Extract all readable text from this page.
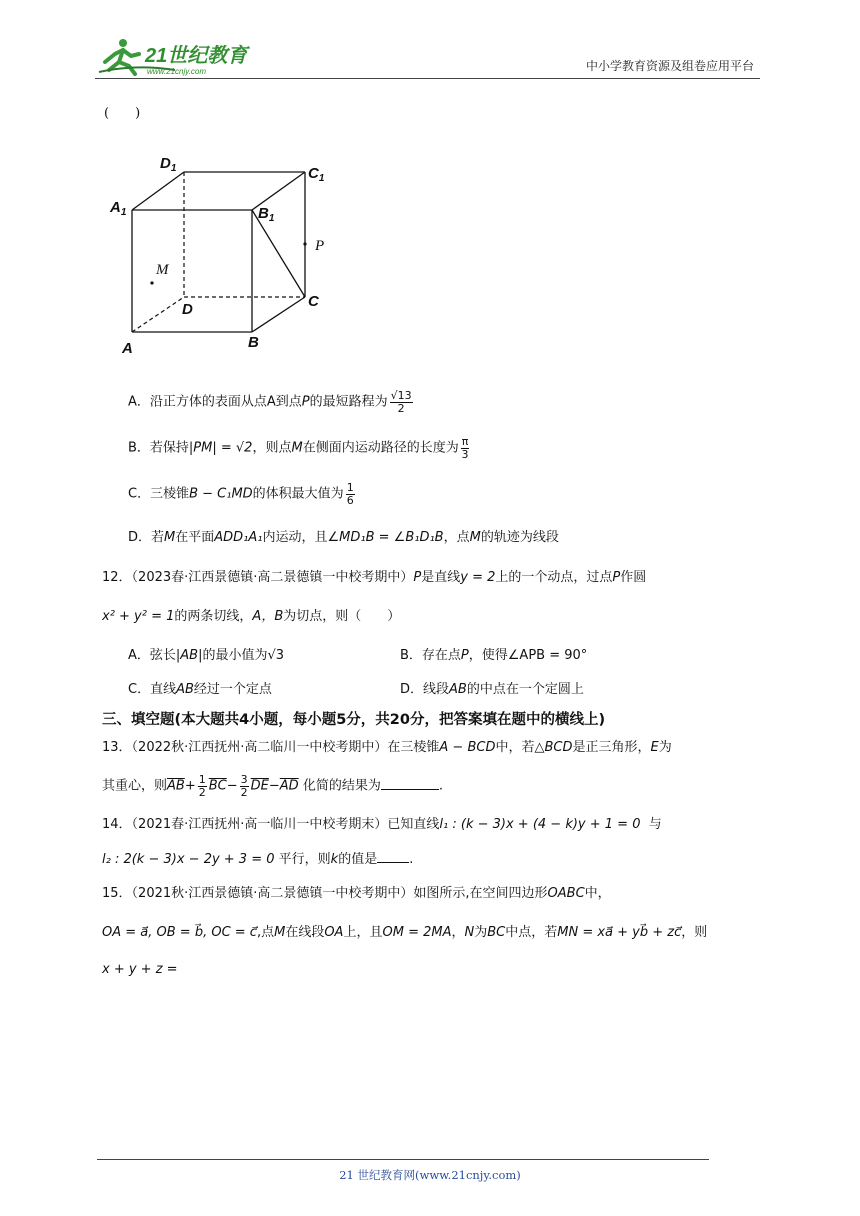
21世纪教育
www.21cnjy.com	中小学教育资源及组卷应用平台
(　　)
$D_1$	$C_1$
$A_1$	$B_1$
D	C
A	B
P
M
A．沿正方体的表面从点A到点P的最短路程为 $\frac{√13}{2}$
B．若保持|PM| = √2，则点M在侧面内运动路径的长度为 $\frac{\pi}{3}$
C．三棱锥B − C₁MD的体积最大值为 $\frac{1}{6}$
D．若M在平面ADD₁A₁内运动，且∠MD₁B = ∠B₁D₁B，点M的轨迹为线段
12．（2023春·江西景德镇·高二景德镇一中校考期中）P是直线y = 2上的一个动点，过点P作圆
x² + y² = 1的两条切线，A，B为切点，则（　　）
A．弦长|AB|的最小值为√3	B．存在点P，使得∠APB = 90°
C．直线AB经过一个定点	D．线段AB的中点在一个定圆上
三、填空题(本大题共4小题，每小题5分，共20分，把答案填在题中的横线上)
13．（2022秋·江西抚州·高二临川一中校考期中）在三棱锥A − BCD中，若△BCD是正三角形，E为
其重心，则$\overline{AB}+ \frac{1}{2} \overline{BC}- \frac{3}{2} \overline{DE}-\overline{AD}$ 化简的结果为	.
14．（2021春·江西抚州·高一临川一中校考期末）已知直线l₁ : (k − 3)x + (4 − k)y + 1 = 0 与
l₂ : 2(k − 3)x − 2y + 3 = 0 平行，则k的值是 .
15．（2021秋·江西景德镇·高二景德镇一中校考期中）如图所示,在空间四边形OABC中，
OA = a⃗, OB = b⃗, OC = c⃗,点M在线段OA上，且OM = 2MA，N为BC中点，若MN = xa⃗ + yb⃗ + zc⃗，则
x + y + z =
21 世纪教育网(www.21cnjy.com)
